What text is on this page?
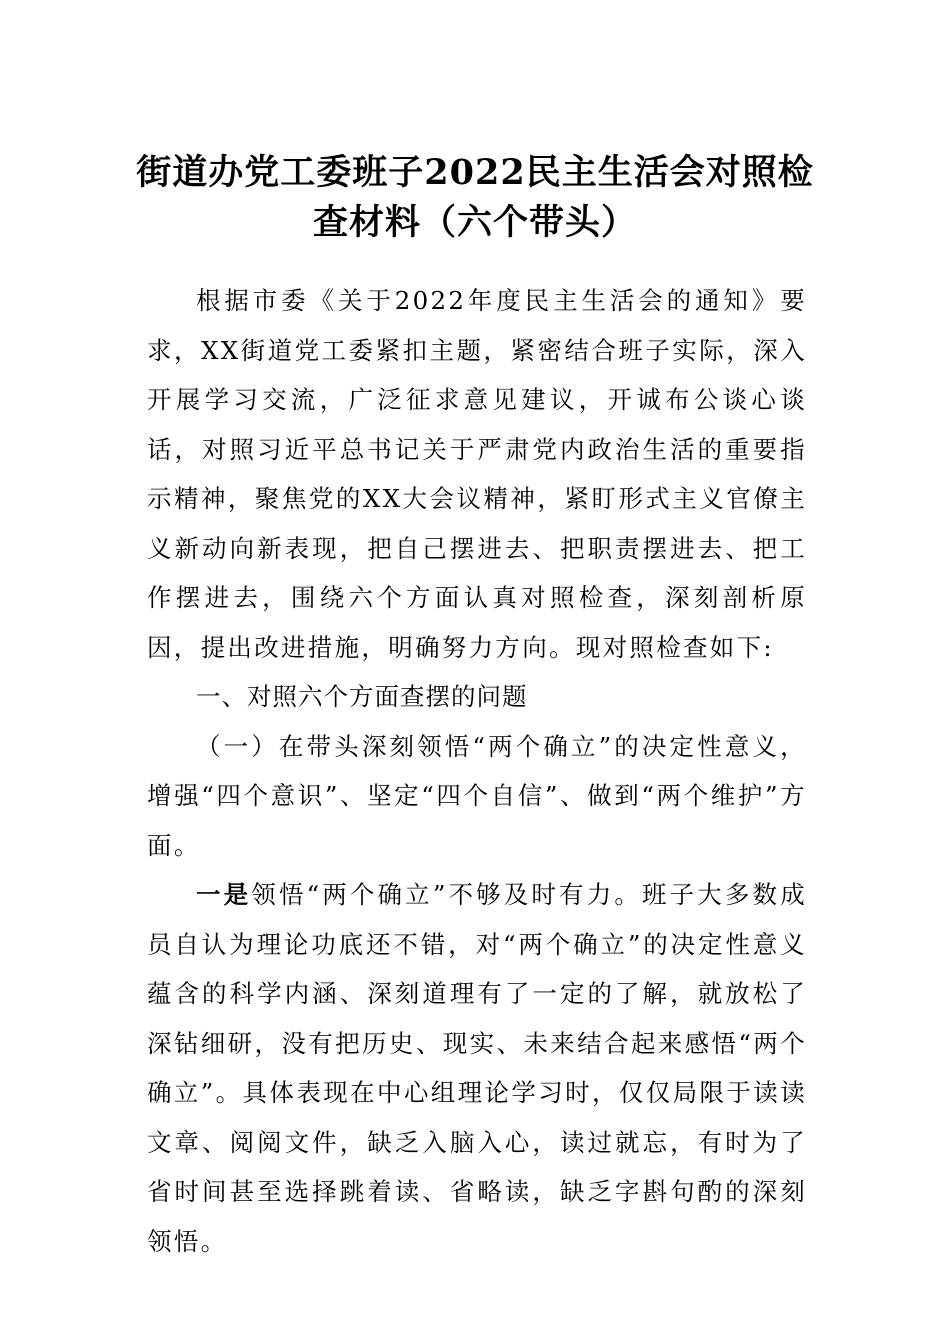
街道办党工委班子2022民主生活会对照检
查材料（六个带头）

根据市委《关于2022年度民主生活会的通知》要求，XX街道党工委紧扣主题，紧密结合班子实际，深入开展学习交流，广泛征求意见建议，开诚布公谈心谈话，对照习近平总书记关于严肃党内政治生活的重要指示精神，聚焦党的XX大会议精神，紧盯形式主义官僚主义新动向新表现，把自己摆进去、把职责摆进去、把工作摆进去，围绕六个方面认真对照检查，深刻剖析原因，提出改进措施，明确努力方向。现对照检查如下:

一、对照六个方面查摆的问题

（一）在带头深刻领悟“两个确立”的决定性意义，增强“四个意识”、坚定“四个自信”、做到“两个维护”方面。

一是领悟“两个确立”不够及时有力。班子大多数成员自认为理论功底还不错，对“两个确立”的决定性意义蕴含的科学内涵、深刻道理有了一定的了解，就放松了深钻细研，没有把历史、现实、未来结合起来感悟“两个确立”。具体表现在中心组理论学习时，仅仅局限于读读文章、阅阅文件，缺乏入脑入心，读过就忘，有时为了省时间甚至选择跳着读、省略读，缺乏字斟句酌的深刻领悟。
